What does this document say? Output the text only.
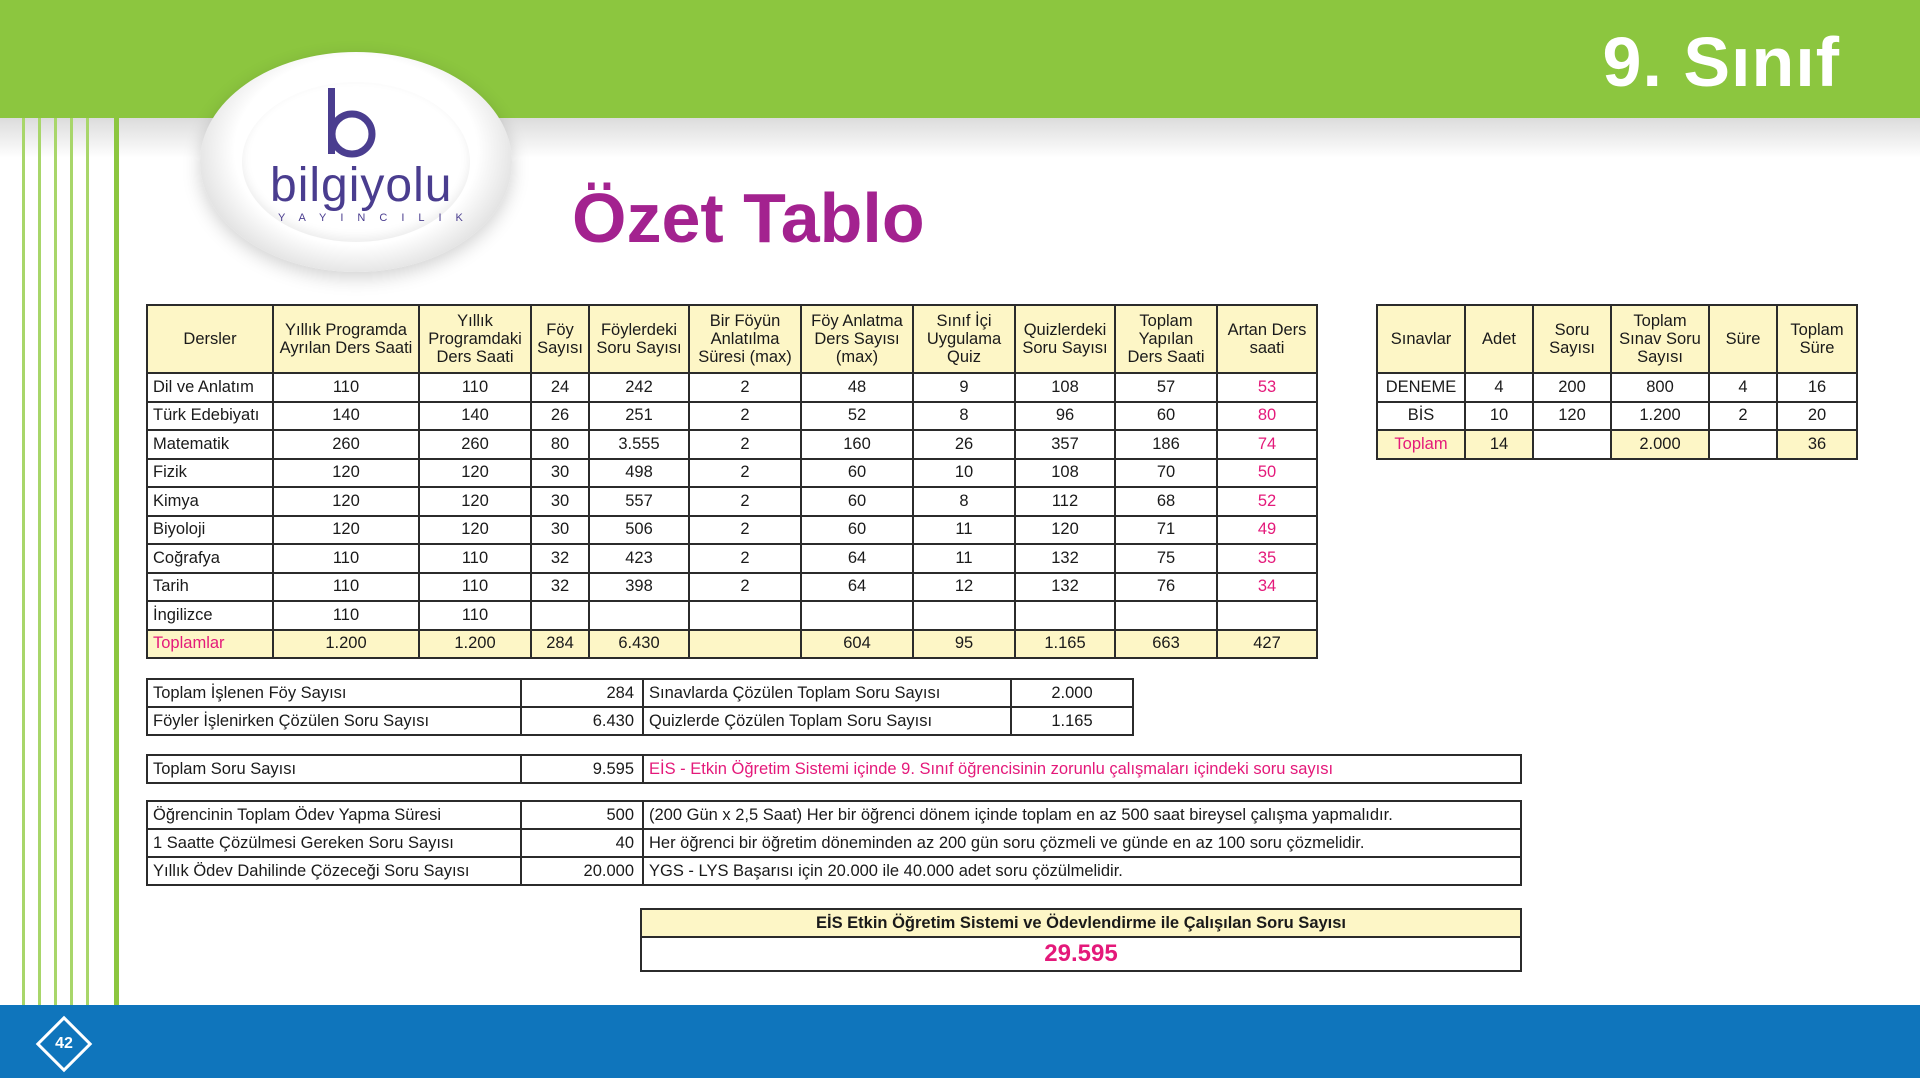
9. Sınıf
42
bilgiyolu
YAYINCILIK Özet Tablo
Dersler	Yıllık Programda Ayrılan Ders Saati	Yıllık Programdaki Ders Saati	Föy Sayısı	Föylerdeki Soru Sayısı	Bir Föyün Anlatılma Süresi (max)	Föy Anlatma Ders Sayısı (max)	Sınıf İçi Uygulama Quiz	Quizlerdeki Soru Sayısı	Toplam Yapılan Ders Saati	Artan Ders saati
Dil ve Anlatım	110	110	24	242	2	48	9	108	57	53
Türk Edebiyatı	140	140	26	251	2	52	8	96	60	80
Matematik	260	260	80	3.555	2	160	26	357	186	74
Fizik	120	120	30	498	2	60	10	108	70	50
Kimya	120	120	30	557	2	60	8	112	68	52
Biyoloji	120	120	30	506	2	60	11	120	71	49
Coğrafya	110	110	32	423	2	64	11	132	75	35
Tarih	110	110	32	398	2	64	12	132	76	34
İngilizce	110	110								
Toplamlar	1.200	1.200	284	6.430		604	95	1.165	663	427
Sınavlar	Adet	Soru Sayısı	Toplam Sınav Soru Sayısı	Süre	Toplam Süre
DENEME	4	200	800	4	16
BİS	10	120	1.200	2	20
Toplam	14		2.000		36
Toplam İşlenen Föy Sayısı	284	Sınavlarda Çözülen Toplam Soru Sayısı	2.000
Föyler İşlenirken Çözülen Soru Sayısı	6.430	Quizlerde Çözülen Toplam Soru Sayısı	1.165
Toplam Soru Sayısı	9.595	EİS - Etkin Öğretim Sistemi içinde 9. Sınıf öğrencisinin zorunlu çalışmaları içindeki soru sayısı
Öğrencinin Toplam Ödev Yapma Süresi	500	(200 Gün x 2,5 Saat) Her bir öğrenci dönem içinde toplam en az 500 saat bireysel çalışma yapmalıdır.
1 Saatte Çözülmesi Gereken Soru Sayısı	40	Her öğrenci bir öğretim döneminden az 200 gün soru çözmeli ve günde en az 100 soru çözmelidir.
Yıllık Ödev Dahilinde Çözeceği Soru Sayısı	20.000	YGS - LYS Başarısı için 20.000 ile 40.000 adet soru çözülmelidir.
EİS Etkin Öğretim Sistemi ve Ödevlendirme ile Çalışılan Soru Sayısı
29.595
